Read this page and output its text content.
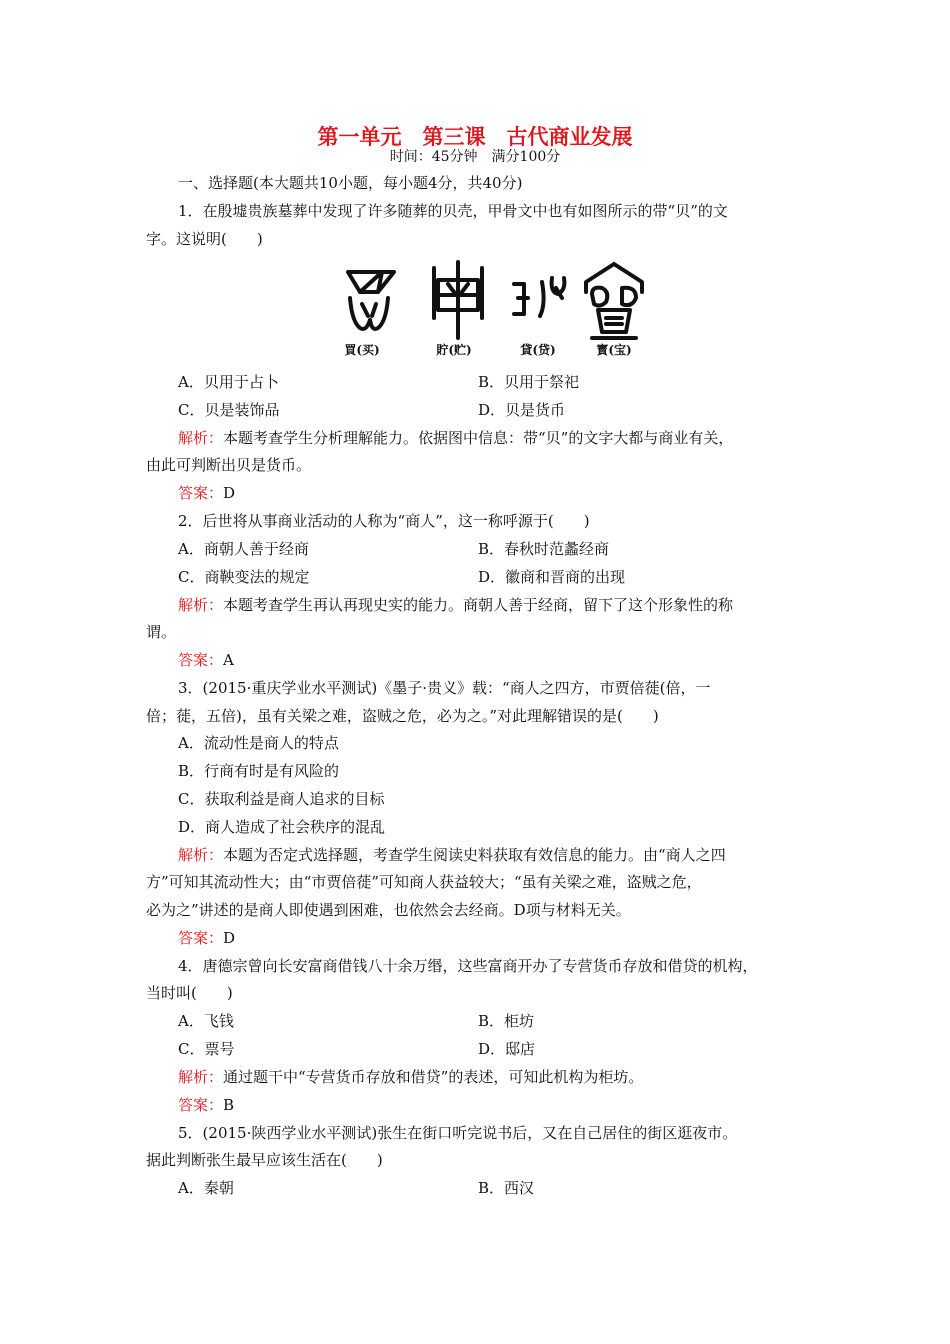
第一单元　第三课　古代商业发展
时间：45分钟　满分100分
一、选择题(本大题共10小题，每小题4分，共40分)
1．在殷墟贵族墓葬中发现了许多随葬的贝壳，甲骨文中也有如图所示的带“贝”的文
字。这说明(　　)
買(买)	貯(贮)	貸(贷)	寳(宝)
A．贝用于占卜	B．贝用于祭祀
C．贝是装饰品	D．贝是货币
解析：本题考查学生分析理解能力。依据图中信息：带“贝”的文字大都与商业有关，
由此可判断出贝是货币。
答案：D
2．后世将从事商业活动的人称为“商人”，这一称呼源于(　　)
A．商朝人善于经商	B．春秋时范蠡经商
C．商鞅变法的规定	D．徽商和晋商的出现
解析：本题考查学生再认再现史实的能力。商朝人善于经商，留下了这个形象性的称
谓。
答案：A
3．(2015·重庆学业水平测试)《墨子·贵义》载：“商人之四方，市贾倍蓰(倍，一
倍；蓰，五倍)，虽有关梁之难，盗贼之危，必为之。”对此理解错误的是(　　)
A．流动性是商人的特点
B．行商有时是有风险的
C．获取利益是商人追求的目标
D．商人造成了社会秩序的混乱
解析：本题为否定式选择题，考查学生阅读史料获取有效信息的能力。由“商人之四
方”可知其流动性大；由“市贾倍蓰”可知商人获益较大；“虽有关梁之难，盗贼之危，
必为之”讲述的是商人即使遇到困难，也依然会去经商。D项与材料无关。
答案：D
4．唐德宗曾向长安富商借钱八十余万缗，这些富商开办了专营货币存放和借贷的机构，
当时叫(　　)
A．飞钱	B．柜坊
C．票号	D．邸店
解析：通过题干中“专营货币存放和借贷”的表述，可知此机构为柜坊。
答案：B
5．(2015·陕西学业水平测试)张生在街口听完说书后，又在自己居住的街区逛夜市。
据此判断张生最早应该生活在(　　)
A．秦朝	B．西汉
